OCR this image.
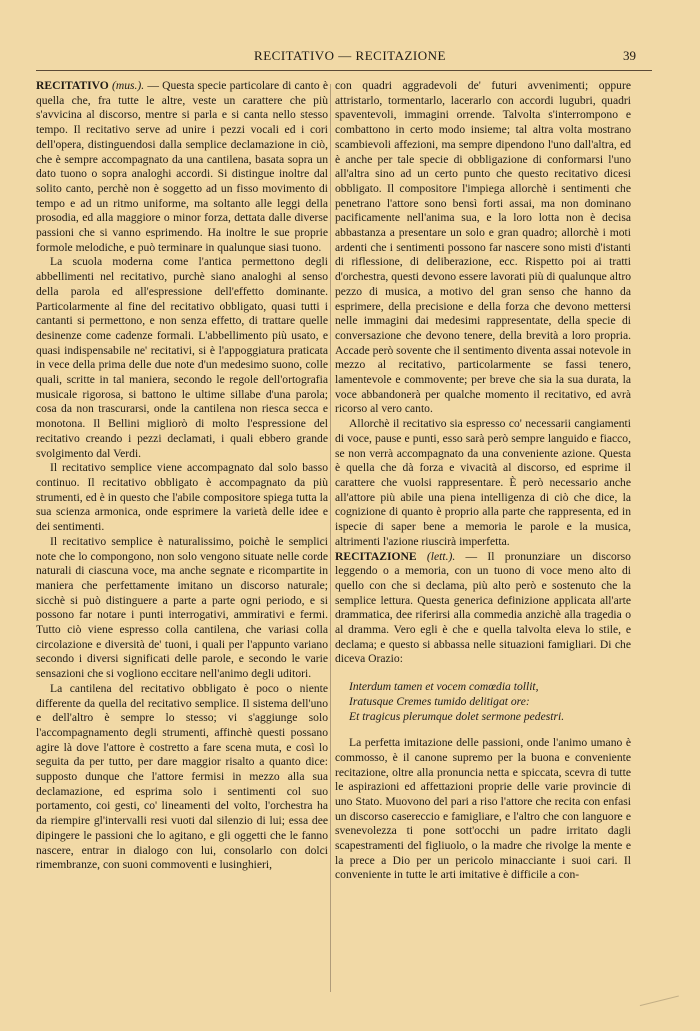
RECITATIVO — RECITAZIONE	39

RECITATIVO (mus.). — Questa specie particolare di canto è quella che, fra tutte le altre, veste un carattere che più s'avvicina al discorso, mentre si parla e si canta nello stesso tempo. Il recitativo serve ad unire i pezzi vocali ed i cori dell'opera, distinguendosi dalla semplice declamazione in ciò, che è sempre accompagnato da una cantilena, basata sopra un dato tuono o sopra analoghi accordi. Si distingue inoltre dal solito canto, perchè non è soggetto ad un fisso movimento di tempo e ad un ritmo uniforme, ma soltanto alle leggi della prosodia, ed alla maggiore o minor forza, dettata dalle diverse passioni che si vanno esprimendo. Ha inoltre le sue proprie formole melodiche, e può terminare in qualunque siasi tuono.

La scuola moderna come l'antica permettono degli abbellimenti nel recitativo, purchè siano analoghi al senso della parola ed all'espressione dell'effetto dominante. Particolarmente al fine del recitativo obbligato, quasi tutti i cantanti si permettono, e non senza effetto, di trattare quelle desinenze come cadenze formali. L'abbellimento più usato, e quasi indispensabile ne' recitativi, si è l'appoggiatura praticata in vece della prima delle due note d'un medesimo suono, colle quali, scritte in tal maniera, secondo le regole dell'ortografia musicale rigorosa, si battono le ultime sillabe d'una parola; cosa da non trascurarsi, onde la cantilena non riesca secca e monotona. Il Bellini migliorò di molto l'espressione del recitativo creando i pezzi declamati, i quali ebbero grande svolgimento dal Verdi.

Il recitativo semplice viene accompagnato dal solo basso continuo. Il recitativo obbligato è accompagnato da più strumenti, ed è in questo che l'abile compositore spiega tutta la sua scienza armonica, onde esprimere la varietà delle idee e dei sentimenti.

Il recitativo semplice è naturalissimo, poichè le semplici note che lo compongono, non solo vengono situate nelle corde naturali di ciascuna voce, ma anche segnate e ricompartite in maniera che perfettamente imitano un discorso naturale; sicchè si può distinguere a parte a parte ogni periodo, e si possono far notare i punti interrogativi, ammirativi e fermi. Tutto ciò viene espresso colla cantilena, che variasi colla circolazione e diversità de' tuoni, i quali per l'appunto variano secondo i diversi significati delle parole, e secondo le varie sensazioni che si vogliono eccitare nell'animo degli uditori.

La cantilena del recitativo obbligato è poco o niente differente da quella del recitativo semplice. Il sistema dell'uno e dell'altro è sempre lo stesso; vi s'aggiunge solo l'accompagnamento degli strumenti, affinchè questi possano agire là dove l'attore è costretto a fare scena muta, e così lo seguita da per tutto, per dare maggior risalto a quanto dice: supposto dunque che l'attore fermisi in mezzo alla sua declamazione, ed esprima solo i sentimenti col suo portamento, coi gesti, co' lineamenti del volto, l'orchestra ha da riempire gl'intervalli resi vuoti dal silenzio di lui; essa dee dipingere le passioni che lo agitano, e gli oggetti che le fanno nascere, entrar in dialogo con lui, consolarlo con dolci rimembranze, con suoni commoventi e lusinghieri,

con quadri aggradevoli de' futuri avvenimenti; oppure attristarlo, tormentarlo, lacerarlo con accordi lugubri, quadri spaventevoli, immagini orrende. Talvolta s'interrompono e combattono in certo modo insieme; tal altra volta mostrano scambievoli affezioni, ma sempre dipendono l'uno dall'altra, ed è anche per tale specie di obbligazione di conformarsi l'uno all'altra sino ad un certo punto che questo recitativo dicesi obbligato. Il compositore l'impiega allorchè i sentimenti che penetrano l'attore sono bensì forti assai, ma non dominano pacificamente nell'anima sua, e la loro lotta non è decisa abbastanza a presentare un solo e gran quadro; allorchè i moti ardenti che i sentimenti possono far nascere sono misti d'istanti di riflessione, di deliberazione, ecc. Rispetto poi ai tratti d'orchestra, questi devono essere lavorati più di qualunque altro pezzo di musica, a motivo del gran senso che hanno da esprimere, della precisione e della forza che devono mettersi nelle immagini dai medesimi rappresentate, della specie di conversazione che devono tenere, della brevità a loro propria. Accade però sovente che il sentimento diventa assai notevole in mezzo al recitativo, particolarmente se fassi tenero, lamentevole e commovente; per breve che sia la sua durata, la voce abbandonerà per qualche momento il recitativo, ed avrà ricorso al vero canto.

Allorchè il recitativo sia espresso co' necessarii cangiamenti di voce, pause e punti, esso sarà però sempre languido e fiacco, se non verrà accompagnato da una conveniente azione. Questa è quella che dà forza e vivacità al discorso, ed esprime il carattere che vuolsi rappresentare. È però necessario anche all'attore più abile una piena intelligenza di ciò che dice, la cognizione di quanto è proprio alla parte che rappresenta, ed in ispecie di saper bene a memoria le parole e la musica, altrimenti l'azione riuscirà imperfetta.

RECITAZIONE (lett.). — Il pronunziare un discorso leggendo o a memoria, con un tuono di voce meno alto di quello con che si declama, più alto però e sostenuto che la semplice lettura. Questa generica definizione applicata all'arte drammatica, dee riferirsi alla commedia anzichè alla tragedia o al dramma. Vero egli è che e quella talvolta eleva lo stile, e declama; e questo si abbassa nelle situazioni famigliari. Di che diceva Orazio:

Interdum tamen et vocem comœdia tollit,
Iratusque Cremes tumido delitigat ore:
Et tragicus plerumque dolet sermone pedestri.

La perfetta imitazione delle passioni, onde l'animo umano è commosso, è il canone supremo per la buona e conveniente recitazione, oltre alla pronuncia netta e spiccata, scevra di tutte le aspirazioni ed affettazioni proprie delle varie provincie di uno Stato. Muovono del pari a riso l'attore che recita con enfasi un discorso casereccio e famigliare, e l'altro che con languore e svenevolezza ti pone sott'occhi un padre irritato dagli scapestramenti del figliuolo, o la madre che rivolge la mente e la prece a Dio per un pericolo minacciante i suoi cari. Il conveniente in tutte le arti imitative è difficile a con-
